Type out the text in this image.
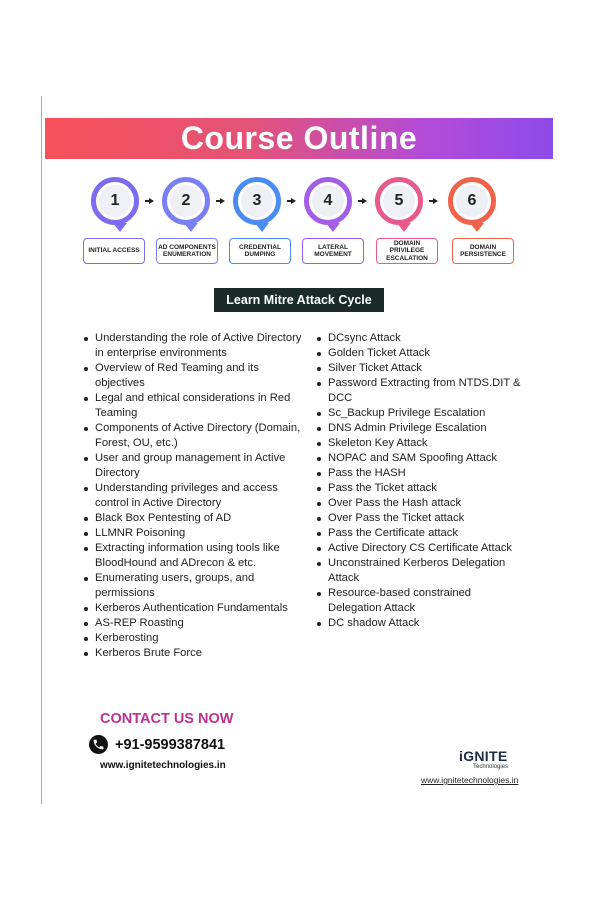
Course Outline
1
INITIAL ACCESS
2
AD COMPONENTS ENUMERATION
3
CREDENTIAL DUMPING
4
LATERAL MOVEMENT
5
DOMAIN PRIVILEGE ESCALATION
6
DOMAIN PERSISTENCE
Learn Mitre Attack Cycle
Understanding the role of Active Directory in enterprise environments
Overview of Red Teaming and its objectives
Legal and ethical considerations in Red Teaming
Components of Active Directory (Domain, Forest, OU, etc.)
User and group management in Active Directory
Understanding privileges and access control in Active Directory
Black Box Pentesting of AD
LLMNR Poisoning
Extracting information using tools like BloodHound and ADrecon & etc.
Enumerating users, groups, and permissions
Kerberos Authentication Fundamentals
AS-REP Roasting
Kerberosting
Kerberos Brute Force
DCsync Attack
Golden Ticket Attack
Silver Ticket Attack
Password Extracting from NTDS.DIT & DCC
Sc_Backup Privilege Escalation
DNS Admin Privilege Escalation
Skeleton Key Attack
NOPAC and SAM Spoofing Attack
Pass the HASH
Pass the Ticket attack
Over Pass the Hash attack
Over Pass the Ticket attack
Pass the Certificate attack
Active Directory CS Certificate Attack
Unconstrained Kerberos Delegation Attack
Resource-based constrained Delegation Attack
DC shadow Attack
CONTACT US NOW
+91-9599387841
www.ignitetechnologies.in
iGNITE
Technologies
www.ignitetechnologies.in
